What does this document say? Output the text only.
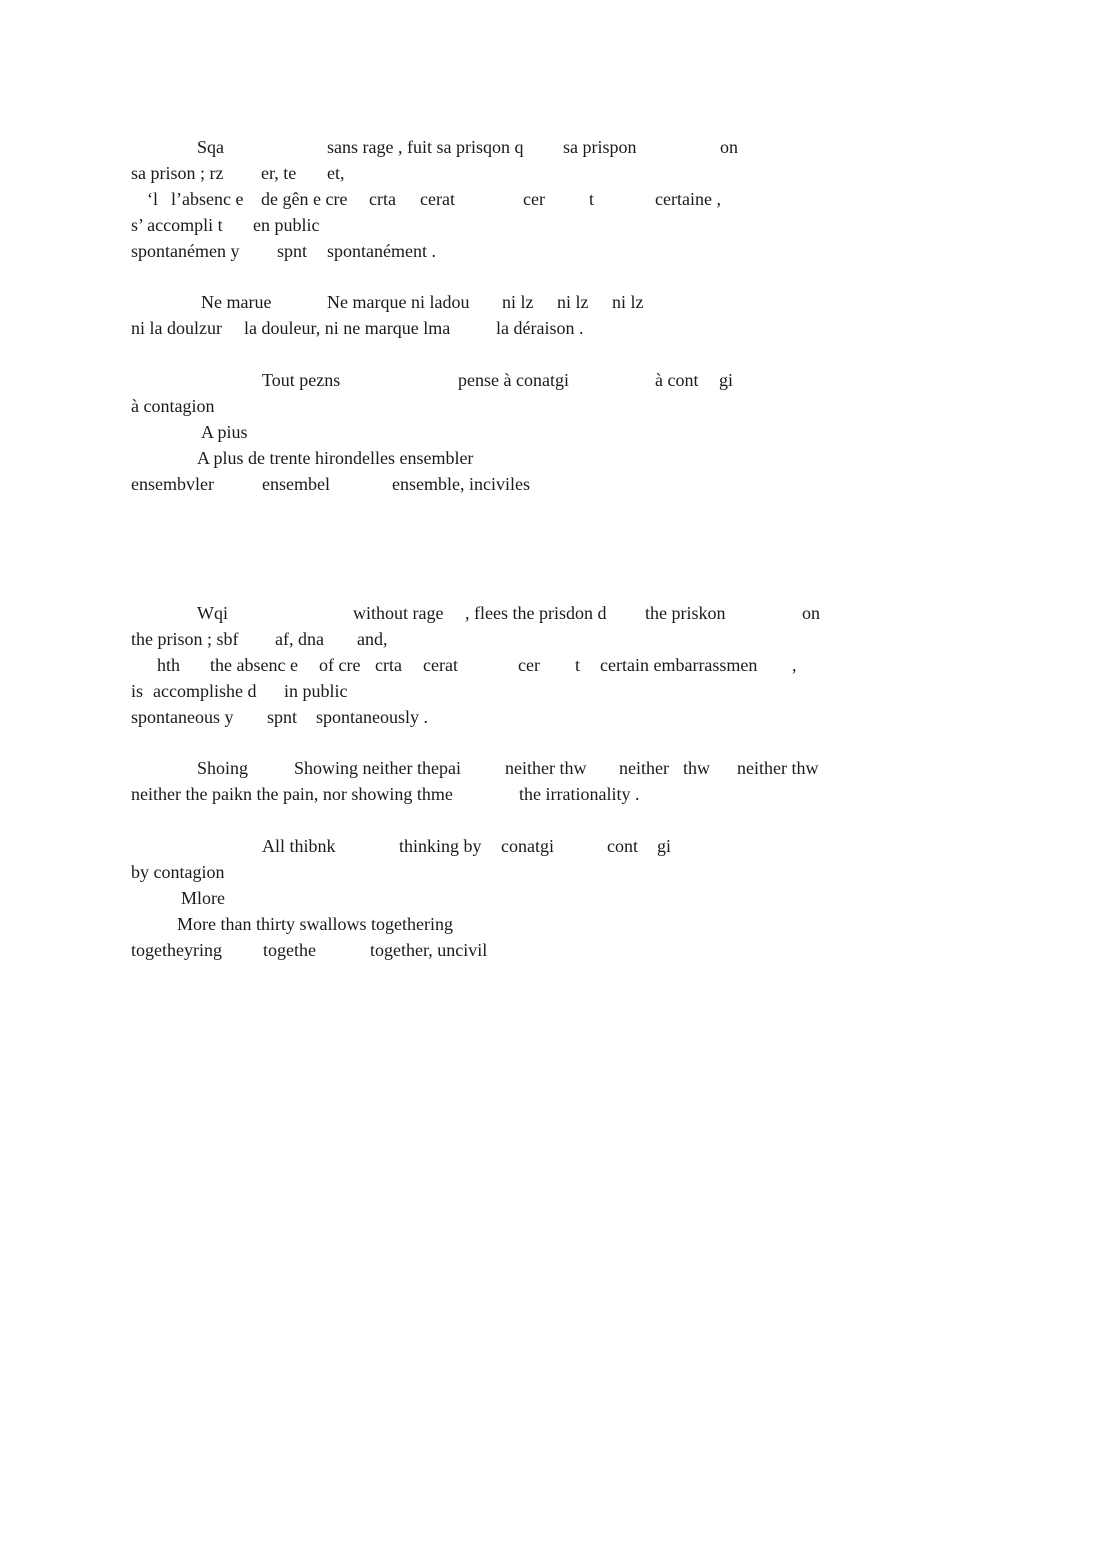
Sqa	sans rage , fuit sa prisqon q sa prispon	on
sa prison ; rz er, te et,
‘l l’absenc e de gên e cre crta cerat	cer t	certaine ,
s’ accompli t en public
spontanémen y spnt spontanément .
Ne marue	Ne marque ni ladou ni lz ni lz ni lz
ni la doulzur la douleur, ni ne marque lma	la déraison .
Tout pezns	pense à conatgi	à cont gi
à contagion
A pius
A plus de trente hirondelles ensembler
ensembvler	ensembel	ensemble, inciviles
Wqi	without rage , flees the prisdon d the priskon	on
the prison ; sbf af, dna and,
hth the absenc e of cre crta cerat	cer t certain embarrassmen ,
is accomplishe d in public
spontaneous y spnt spontaneously .
Shoing	Showing neither thepai neither thw neither thw neither thw
neither the paikn the pain, nor showing thme	the irrationality .
All thibnk	thinking by conatgi	cont gi
by contagion
Mlore
More than thirty swallows togethering
togetheyring togethe	together, uncivil
